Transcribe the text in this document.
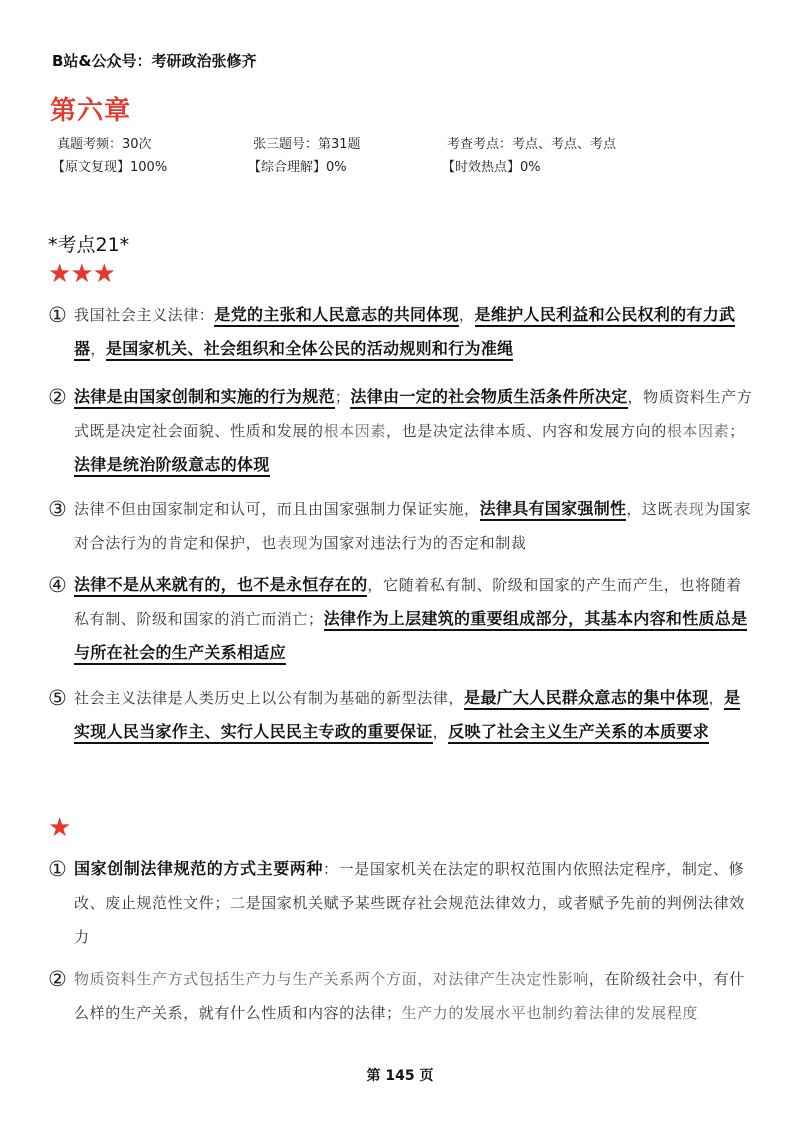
B站&公众号：考研政治张修齐
第六章
真题考频：30次	张三题号：第31题	考查考点：考点、考点、考点
【原文复现】100%	【综合理解】0%	【时效热点】0%
*考点21*
★★★
① 我国社会主义法律：是党的主张和人民意志的共同体现，是维护人民利益和公民权利的有力武器，是国家机关、社会组织和全体公民的活动规则和行为准绳
② 法律是由国家创制和实施的行为规范；法律由一定的社会物质生活条件所决定，物质资料生产方式既是决定社会面貌、性质和发展的根本因素，也是决定法律本质、内容和发展方向的根本因素；法律是统治阶级意志的体现
③ 法律不但由国家制定和认可，而且由国家强制力保证实施，法律具有国家强制性，这既表现为国家对合法行为的肯定和保护，也表现为国家对违法行为的否定和制裁
④ 法律不是从来就有的，也不是永恒存在的，它随着私有制、阶级和国家的产生而产生，也将随着私有制、阶级和国家的消亡而消亡；法律作为上层建筑的重要组成部分，其基本内容和性质总是与所在社会的生产关系相适应
⑤ 社会主义法律是人类历史上以公有制为基础的新型法律，是最广大人民群众意志的集中体现，是实现人民当家作主、实行人民民主专政的重要保证，反映了社会主义生产关系的本质要求
★
① 国家创制法律规范的方式主要两种：一是国家机关在法定的职权范围内依照法定程序，制定、修改、废止规范性文件；二是国家机关赋予某些既存社会规范法律效力，或者赋予先前的判例法律效力
② 物质资料生产方式包括生产力与生产关系两个方面，对法律产生决定性影响，在阶级社会中，有什么样的生产关系，就有什么性质和内容的法律；生产力的发展水平也制约着法律的发展程度
第 145 页
